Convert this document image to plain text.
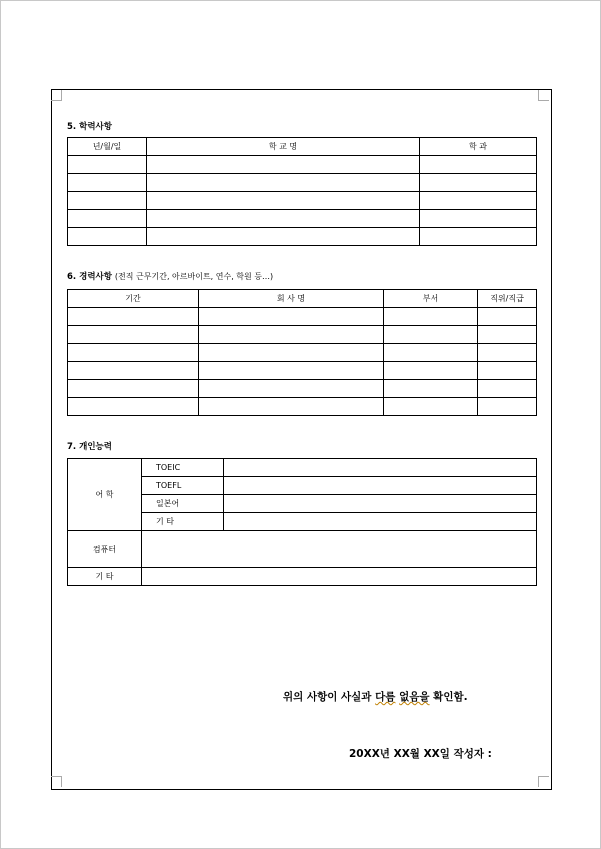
5. 학력사항
년/월/일	학 교 명	학 과

6. 경력사항 (전직 근무기간, 아르바이트, 연수, 학원 등…)
기간	회 사 명	부서	직위/직급

7. 개인능력
어 학	TOEIC	
	TOEFL	
	일본어	
	기 타	
컴퓨터		
기 타		
위의 사항이 사실과 다름 없음을 확인함.
20XX년 XX월 XX일 작성자 :
